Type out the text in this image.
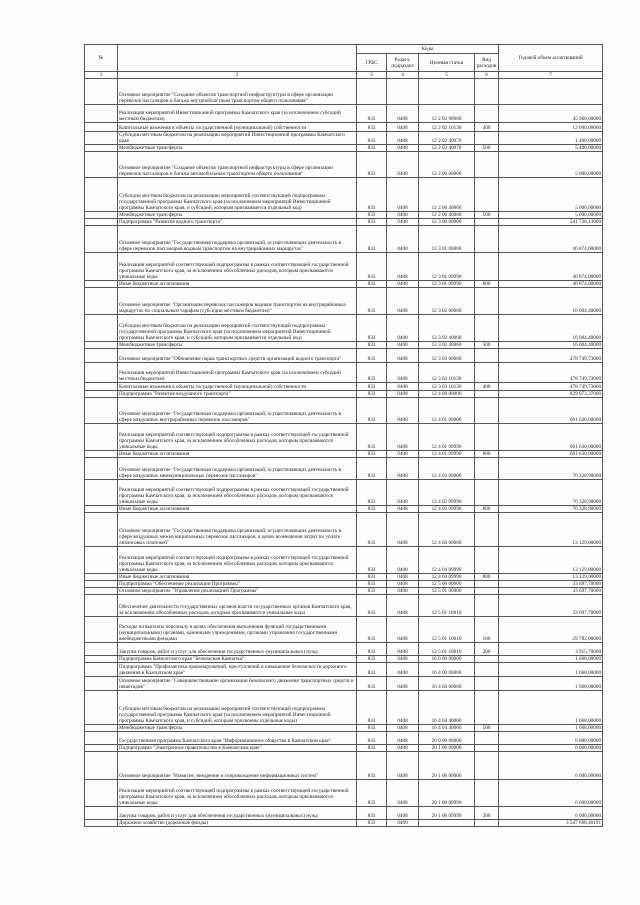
№		Коды				Годовой объем ассигнований
		ГРБС	Раздел, подраздел	Целевая статья	Вид расходов	
1	2	3	4	5	6	7
	Основное мероприятие "Создание объектов транспортной инфраструктуры в сфере организации перевозок пассажиров и багажа внутриобластным транспортом общего пользования"					
	Реализация мероприятий Инвестиционной программы Камчатского края (за исключением субсидий местным бюджетам)	833	0408	12 2 02 90000		45 960,60000
	Капитальные вложения в объекты государственной (муниципальной) собственности	833	0408	12 2 02 10130	400	12 000,00000
	Субсидии местным бюджетам на реализацию мероприятий Инвестиционной программы Камчатского края	833	0408	12 2 02 40070		1 400,00000
	Межбюджетные трансферты	833	0408	12 2 02 40070	500	5 400,00000
	Основное мероприятие "Создание объектов транспортной инфраструктуры в сфере организации перевозок пассажиров и багажа автомобильным транспортом общего пользования"	833	0408	12 2 06 00000		5 000,00000
	Субсидии местным бюджетам на реализацию мероприятий соответствующей подпрограммы государственной программы Камчатского края (за исключением мероприятий Инвестиционной программы Камчатского края, и субсидий, которым присваивается отдельный код)	833	0408	12 2 06 40060		5 000,00000
	Межбюджетные трансферты	833	0408	12 2 06 40060	500	5 000,00000
	Подпрограмма "Развитие водного транспорта"	833	0408	12 3 00 00000		541 728,13000
	Основное мероприятие "Государственная поддержка организаций, осуществляющих деятельность в сфере перевозок пассажиров водным транспортом на внутрирайонных маршрутах"	833	0408	12 3 01 00000		46 874,00000
	Реализация мероприятий соответствующей подпрограммы в рамках соответствующей государственной программы Камчатского края, за исключением обособленных расходов, которым присваиваются уникальные коды	833	0408	12 3 01 09990		46 874,00000
	Иные бюджетные ассигнования	833	0408	12 3 01 09990	800	46 874,00000
	Основное мероприятие "Организация перевозок пассажиров водным транспортом на внутрирайонных маршрутах по социальным тарифам (субсидии местным бюджетам)"	833	0408	12 3 02 00000		16 004,40000
	Субсидии местным бюджетам на реализацию мероприятий соответствующей подпрограммы государственной программы Камчатского края (за исключением мероприятий Инвестиционной программы Камчатского края, и субсидий, которым присваивается отдельный код)	833	0408	12 3 02 40060		16 004,40000
	Межбюджетные трансферты	833	0408	12 3 02 40060	500	16 004,40000
	Основное мероприятие "Обновление парка транспортных средств организаций водного транспорта"	833	0408	12 3 03 00000		478 749,73000
	Реализация мероприятий Инвестиционной программы Камчатского края (за исключением субсидий местным бюджетам)	833	0408	12 3 03 10130		478 749,73000
	Капитальные вложения в объекты государственной (муниципальной) собственности	833	0408	12 3 03 10130	400	478 749,73000
	Подпрограмма "Развитие воздушного транспорта"	833	0408	12 4 00 00000		829 073,37000
	Основное мероприятие "Государственная поддержка организаций, осуществляющих деятельность в сфере воздушных внутрирайонных перевозок пассажиров"	833	0408	12 4 01 00000		661 630,00000
	Реализация мероприятий соответствующей подпрограммы в рамках соответствующей государственной программы Камчатского края, за исключением обособленных расходов, которым присваиваются уникальные коды	833	0408	12 4 01 09990		661 630,00000
	Иные бюджетные ассигнования	833	0408	12 4 01 09990	800	661 630,00000
	Основное мероприятие "Государственная поддержка организаций, осуществляющих деятельность в сфере воздушных межмуниципальных перевозок пассажиров"	833	0408	12 4 02 00000		76 328,90000
	Реализация мероприятий соответствующей подпрограммы в рамках соответствующей государственной программы Камчатского края, за исключением обособленных расходов, которым присваиваются уникальные коды	833	0408	12 4 02 09990		76 328,90000
	Иные бюджетные ассигнования	833	0408	12 4 02 09990	800	76 328,90000
	Основное мероприятие "Государственная поддержка организаций, осуществляющих деятельность в сфере воздушных межмуниципальных перевозок пассажиров, в целях возмещения затрат по уплате лизинговых платежей"	833	0408	12 4 04 00000		13 129,00000
	Реализация мероприятий соответствующей подпрограммы в рамках соответствующей государственной программы Камчатского края, за исключением обособленных расходов, которым присваиваются уникальные коды	833	0408	12 4 04 09990		13 129,00000
	Иные бюджетные ассигнования	833	0408	12 4 04 09990	800	13 129,00000
	Подпрограмма "Обеспечение реализации Программы"	833	0408	12 5 00 00000		33 697,70000
	Основное мероприятие "Управление реализацией Программы"	833	0408	12 5 01 00000		33 697,70000
	Обеспечение деятельности государственных органов власти государственных органов Камчатского края, за исключением обособленных расходов, которым присваиваются уникальные коды	833	0408	12 5 01 10010		33 697,70000
	Расходы на выплаты персоналу в целях обеспечения выполнения функций государственными (муниципальными) органами, казенными учреждениями, органами управления государственными внебюджетными фондами	833	0408	12 5 01 10010	100	29 782,00000
	Закупка товаров, работ и услуг для обеспечения государственных (муниципальных) нужд	833	0408	12 5 01 10010	200	3 915,70000
	Подпрограмма Камчатского края "Безопасная Камчатка"	833	0408	16 0 00 00000		1 668,00000
	Подпрограмма "Профилактика правонарушений, преступлений и повышение безопасности дорожного движения в Камчатском крае"	833	0408	16 4 00 00000		1 668,00000
	Основное мероприятие "Совершенствование организации безопасного движения транспортных средств и пешеходов"	833	0408	16 4 04 00000		1 668,00000
	Субсидии местным бюджетам на реализацию мероприятий соответствующей подпрограммы государственной программы Камчатского края (за исключением мероприятий Инвестиционной программы Камчатского края, и субсидий, которым присвоены отдельные коды)	833	0408	16 4 04 40060		1 668,00000
	Межбюджетные трансферты	833	0408	16 4 04 40060	500	1 668,00000
	Государственная программа Камчатского края "Информационное общество в Камчатском крае"	833	0408	20 0 00 00000		6 000,00000
	Подпрограмма "Электронное правительство в Камчатском крае"	833	0408	20 1 00 00000		6 000,00000
	Основное мероприятие "Развитие, внедрение и сопровождение информационных систем"	833	0408	20 1 06 00000		6 000,00000
	Реализация мероприятий соответствующей подпрограммы в рамках соответствующей государственной программы Камчатского края, за исключением обособленных расходов, которым присваиваются уникальные коды	833	0408	20 1 06 09990		6 000,00000
	Закупка товаров, работ и услуг для обеспечения государственных (муниципальных) нужд	833	0408	20 1 06 09990	200	6 000,00000
	Дорожное хозяйство (дорожные фонды)	833	0409			3 547 698,40191
